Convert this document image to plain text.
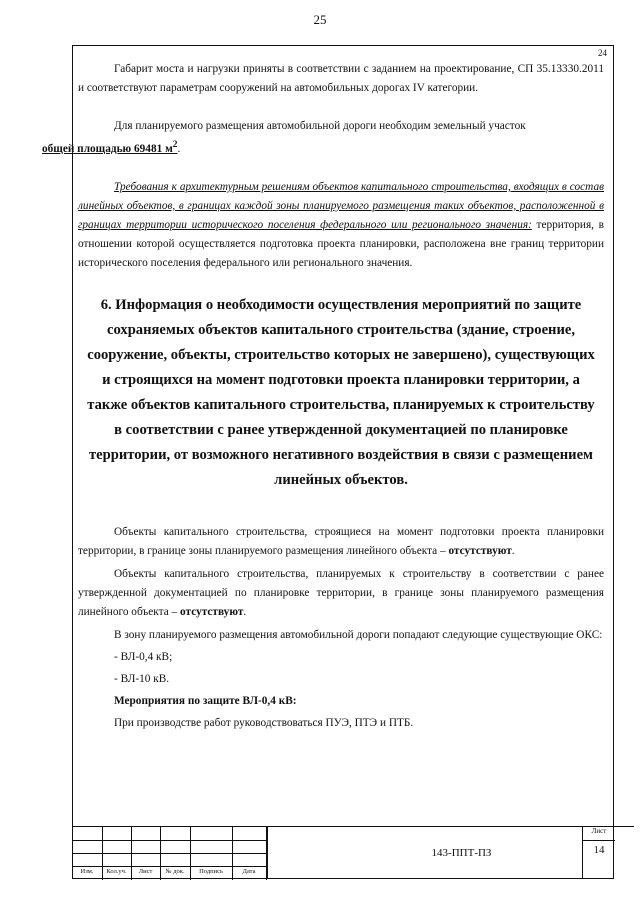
25
24

Габарит моста и нагрузки приняты в соответствии с заданием на проектирование, СП 35.13330.2011 и соответствуют параметрам сооружений на автомобильных дорогах IV категории.

Для планируемого размещения автомобильной дороги необходим земельный участок
общей площадью 69481 $м^2$.

Требования к архитектурным решениям объектов капитального строительства, входящих в состав линейных объектов, в границах каждой зоны планируемого размещения таких объектов, расположенной в границах территории исторического поселения федерального или регионального значения: территория, в отношении которой осуществляется подготовка проекта планировки, расположена вне границ территории исторического поселения федерального или регионального значения.

6. Информация о необходимости осуществления мероприятий по защите сохраняемых объектов капитального строительства (здание, строение, сооружение, объекты, строительство которых не завершено), существующих и строящихся на момент подготовки проекта планировки территории, а также объектов капитального строительства, планируемых к строительству в соответствии с ранее утвержденной документацией по планировке территории, от возможного негативного воздействия в связи с размещением линейных объектов.

Объекты капитального строительства, строящиеся на момент подготовки проекта планировки территории, в границе зоны планируемого размещения линейного объекта – отсутствуют.

Объекты капитального строительства, планируемых к строительству в соответствии с ранее утвержденной документацией по планировке территории, в границе зоны планируемого размещения линейного объекта – отсутствуют.

В зону планируемого размещения автомобильной дороги попадают следующие существующие ОКС:

- ВЛ-0,4 кВ;

- ВЛ-10 кВ.

Мероприятия по защите ВЛ-0,4 кВ:

При производстве работ руководствоваться ПУЭ, ПТЭ и ПТБ.

Изм.	Кол.уч.	Лист	№ док.	Подпись	Дата
143-ППТ-ПЗ
Лист
14
